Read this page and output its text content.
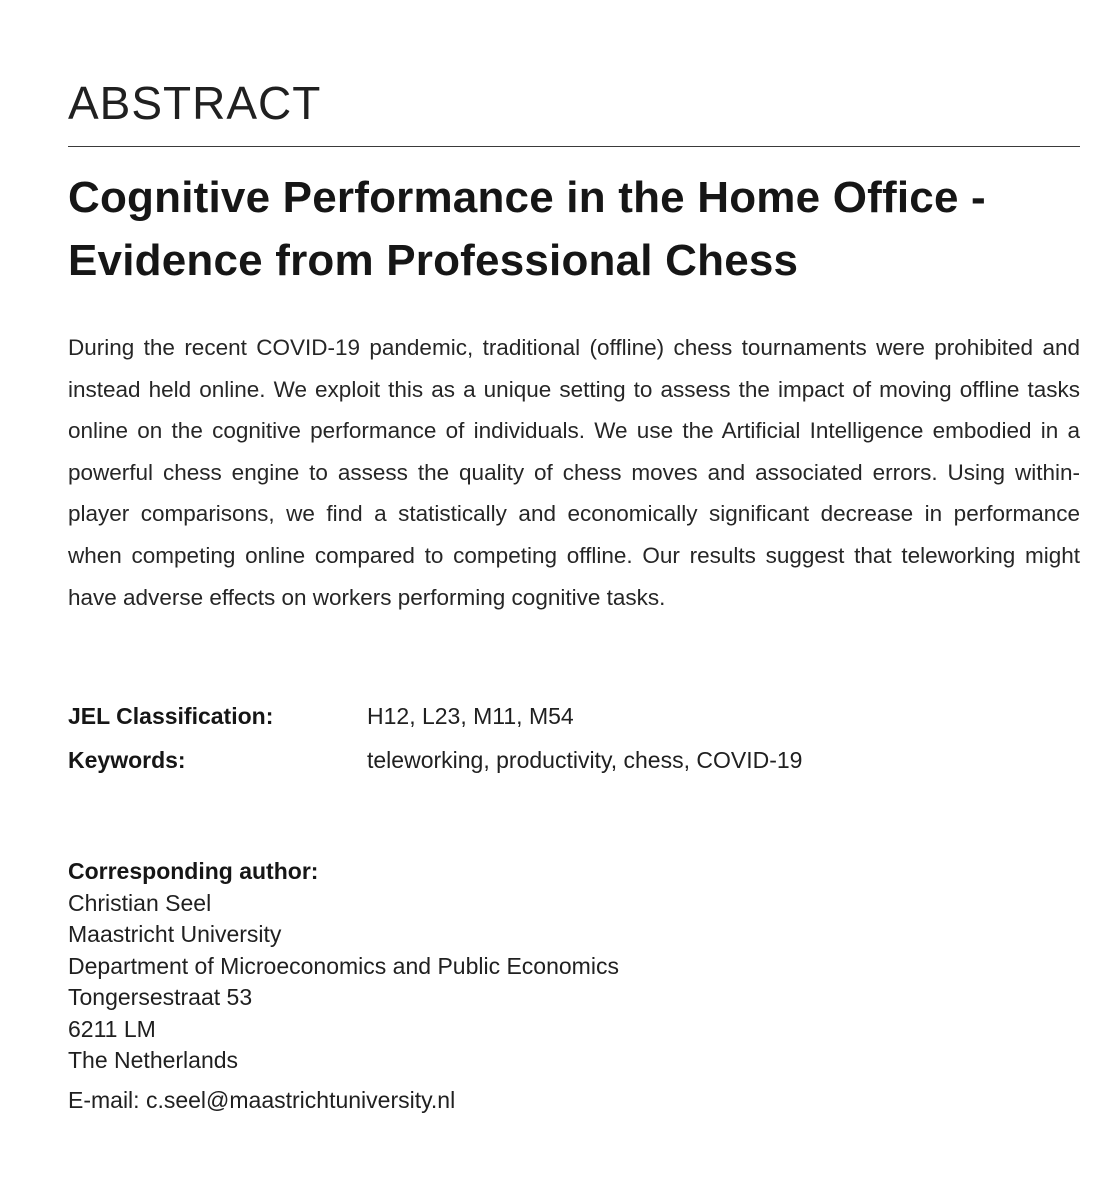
ABSTRACT
Cognitive Performance in the Home Office - Evidence from Professional Chess

During the recent COVID-19 pandemic, traditional (offline) chess tournaments were prohibited and instead held online. We exploit this as a unique setting to assess the impact of moving offline tasks online on the cognitive performance of individuals. We use the Artificial Intelligence embodied in a powerful chess engine to assess the quality of chess moves and associated errors. Using within-player comparisons, we find a statistically and economically significant decrease in performance when competing online compared to competing offline. Our results suggest that teleworking might have adverse effects on workers performing cognitive tasks.

JEL Classification:	H12, L23, M11, M54
Keywords:	teleworking, productivity, chess, COVID-19
Corresponding author:
Christian Seel
Maastricht University
Department of Microeconomics and Public Economics
Tongersestraat 53
6211 LM
The Netherlands
E-mail: c.seel@maastrichtuniversity.nl
